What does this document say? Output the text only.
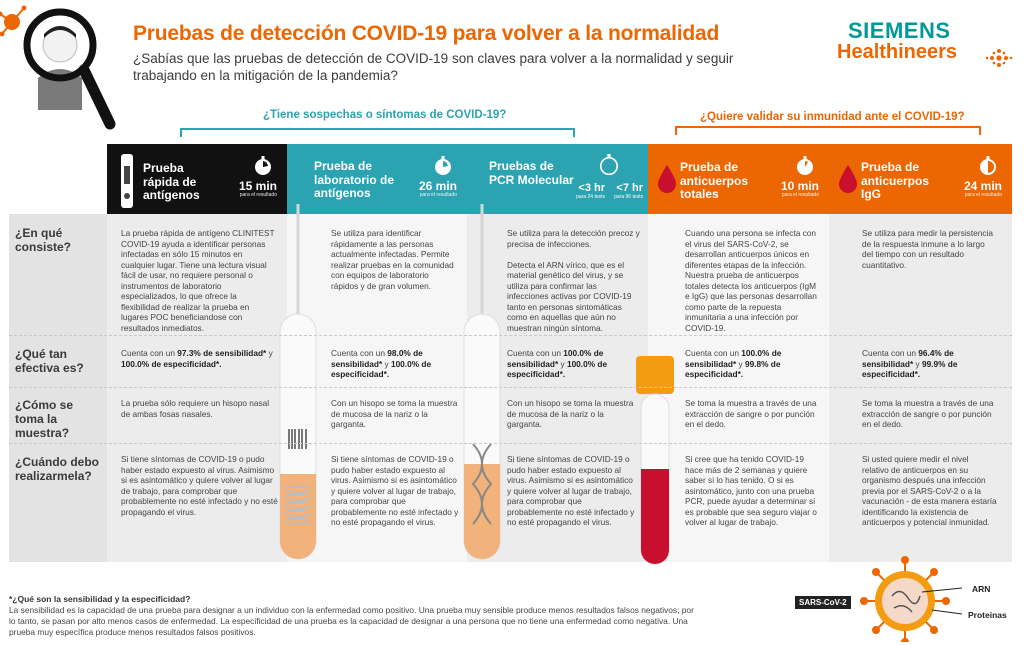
Pruebas de detección COVID-19 para volver a la normalidad
¿Sabías que las pruebas de detección de COVID-19 son claves para volver a la normalidad y seguir trabajando en la mitigación de la pandemia?
SIEMENS
Healthineers
¿Tiene sospechas o síntomas de COVID-19?	¿Quiere validar su inmunidad ante el COVID-19?
Prueba rápida de antígenos
15 min
para el resultado
Prueba de laboratorio de antígenos	26 min
para el resultado
Pruebas de PCR Molecular
<3 hr
para 24 tests
<7 hr
para 96 tests
Prueba de anticuerpos totales
10 min
para el resultado
Prueba de anticuerpos IgG
24 min
para el resultado
¿En qué consiste?
¿Qué tan efectiva es?
¿Cómo se toma la muestra?
¿Cuándo debo realizarmela?
La prueba rápida de antígeno CLINITEST COVID-19 ayuda a identificar personas infectadas en sólo 15 minutos en cualquier lugar. Tiene una lectura visual fácil de usar, no requiere personal o instrumentos de laboratorio especializados, lo que ofrece la flexibilidad de realizar la prueba en lugares POC beneficiandose con resultados inmediatos.
Cuenta con un 97.3% de sensibilidad* y 100.0% de especificidad*.
La prueba sólo requiere un hisopo nasal de ambas fosas nasales.
Si tiene síntomas de COVID-19 o pudo haber estado expuesto al virus. Asimismo si es asintomático y quiere volver al lugar de trabajo, para comprobar que probablemente no esté infectado y no esté propagando el virus.
Se utiliza para identificar rápidamente a las personas actualmente infectadas. Permite realizar pruebas en la comunidad con equipos de laboratorio rápidos y de gran volumen.
Cuenta con un 98.0% de sensibilidad* y 100.0% de especificidad*.
Con un hisopo se toma la muestra de mucosa de la nariz o la garganta.
Si tiene síntomas de COVID-19 o pudo haber estado expuesto al virus. Asimismo si es asintomático y quiere volver al lugar de trabajo, para comprobar que probablemente no esté infectado y no esté propagando el virus.
Se utiliza para la detección precoz y precisa de infecciones.

Detecta el ARN vírico, que es el material genético del virus, y se utiliza para confirmar las infecciones activas por COVID-19 tanto en personas sintomáticas como en aquellas que aún no muestran ningún síntoma.
Cuenta con un 100.0% de sensibilidad* y 100.0% de especificidad*.
Con un hisopo se toma la muestra de mucosa de la nariz o la garganta.
Si tiene síntomas de COVID-19 o pudo haber estado expuesto al virus. Asimismo si es asintomático y quiere volver al lugar de trabajo, para comprobar que probablemente no esté infectado y no esté propagando el virus.
Cuando una persona se infecta con el virus del SARS-CoV-2, se desarrollan anticuerpos únicos en diferentes etapas de la infección. Nuestra prueba de anticuerpos totales detecta los anticuerpos (IgM e IgG) que las personas desarrollan como parte de la repuesta inmunitaria a una infección por COVID-19.
Cuenta con un 100.0% de sensibilidad* y 99.8% de especificidad*.
Se toma la muestra a través de una extracción de sangre o por punción en el dedo.
Si cree que ha tenido COVID-19 hace más de 2 semanas y quiere saber si lo has tenido. O si es asintomático, junto con una prueba PCR, puede ayudar a determinar si es probable que sea seguro viajar o volver al lugar de trabajo.
Se utiliza para medir la persistencia de la respuesta inmune a lo largo del tiempo con un resultado cuantitativo.
Cuenta con un 96.4% de sensibilidad* y 99.9% de especificidad*.
Se toma la muestra a través de una extracción de sangre o por punción en el dedo.
Si usted quiere medir el nivel relativo de anticuerpos en su organismo después una infección previa por el SARS-CoV-2 o a la vacunación - de esta manera estaría identificando la existencia de anticuerpos y potencial inmunidad.
*¿Qué son la sensibilidad y la especificidad?
La sensibilidad es la capacidad de una prueba para designar a un individuo con la enfermedad como positivo. Una prueba muy sensible produce menos resultados falsos negativos; por lo tanto, se pasan por alto menos casos de enfermedad. La especificidad de una prueba es la capacidad de designar a una persona que no tiene una enfermedad como negativa. Una prueba muy específica produce menos resultados falsos positivos.
SARS-CoV-2
ARN
Proteinas
